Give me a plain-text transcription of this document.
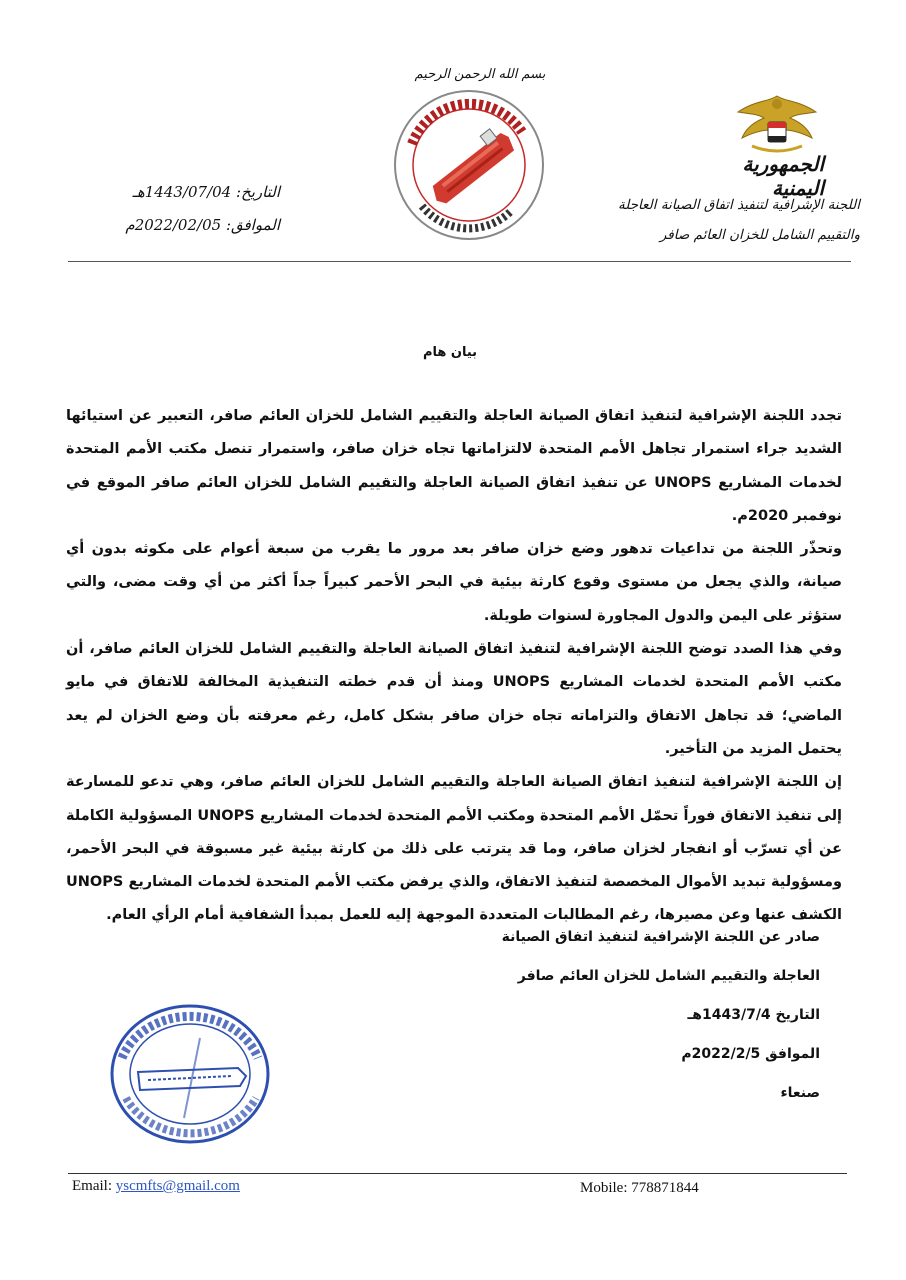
الجمهورية اليمنية
اللجنة الإشرافية لتنفيذ اتفاق الصيانة العاجلة
والتقييم الشامل للخزان العائم صافر
بسم الله الرحمن الرحيم
التاريخ: 1443/07/04هـ
الموافق: 2022/02/05م
بيان هام

تجدد اللجنة الإشرافية لتنفيذ اتفاق الصيانة العاجلة والتقييم الشامل للخزان العائم صافر، التعبير عن استيائها الشديد جراء استمرار تجاهل الأمم المتحدة لالتزاماتها تجاه خزان صافر، واستمرار تنصل مكتب الأمم المتحدة لخدمات المشاريع UNOPS عن تنفيذ اتفاق الصيانة العاجلة والتقييم الشامل للخزان العائم صافر الموقع في نوفمبر 2020م.

وتحذّر اللجنة من تداعيات تدهور وضع خزان صافر بعد مرور ما يقرب من سبعة أعوام على مكوثه بدون أي صيانة، والذي يجعل من مستوى وقوع كارثة بيئية في البحر الأحمر كبيراً جداً أكثر من أي وقت مضى، والتي ستؤثر على اليمن والدول المجاورة لسنوات طويلة.

وفي هذا الصدد توضح اللجنة الإشرافية لتنفيذ اتفاق الصيانة العاجلة والتقييم الشامل للخزان العائم صافر، أن مكتب الأمم المتحدة لخدمات المشاريع UNOPS ومنذ أن قدم خطته التنفيذية المخالفة للاتفاق في مايو الماضي؛ قد تجاهل الاتفاق والتزاماته تجاه خزان صافر بشكل كامل، رغم معرفته بأن وضع الخزان لم يعد يحتمل المزيد من التأخير.

إن اللجنة الإشرافية لتنفيذ اتفاق الصيانة العاجلة والتقييم الشامل للخزان العائم صافر، وهي تدعو للمسارعة إلى تنفيذ الاتفاق فوراً تحمّل الأمم المتحدة ومكتب الأمم المتحدة لخدمات المشاريع UNOPS المسؤولية الكاملة عن أي تسرّب أو انفجار لخزان صافر، وما قد يترتب على ذلك من كارثة بيئية غير مسبوقة في البحر الأحمر، ومسؤولية تبديد الأموال المخصصة لتنفيذ الاتفاق، والذي يرفض مكتب الأمم المتحدة لخدمات المشاريع UNOPS الكشف عنها وعن مصيرها، رغم المطالبات المتعددة الموجهة إليه للعمل بمبدأ الشفافية أمام الرأي العام.

صادر عن اللجنة الإشرافية لتنفيذ اتفاق الصيانة
العاجلة والتقييم الشامل للخزان العائم صافر
التاريخ 1443/7/4هـ
الموافق 2022/2/5م
صنعاء
Email: yscmfts@gmail.com	Mobile: 778871844
